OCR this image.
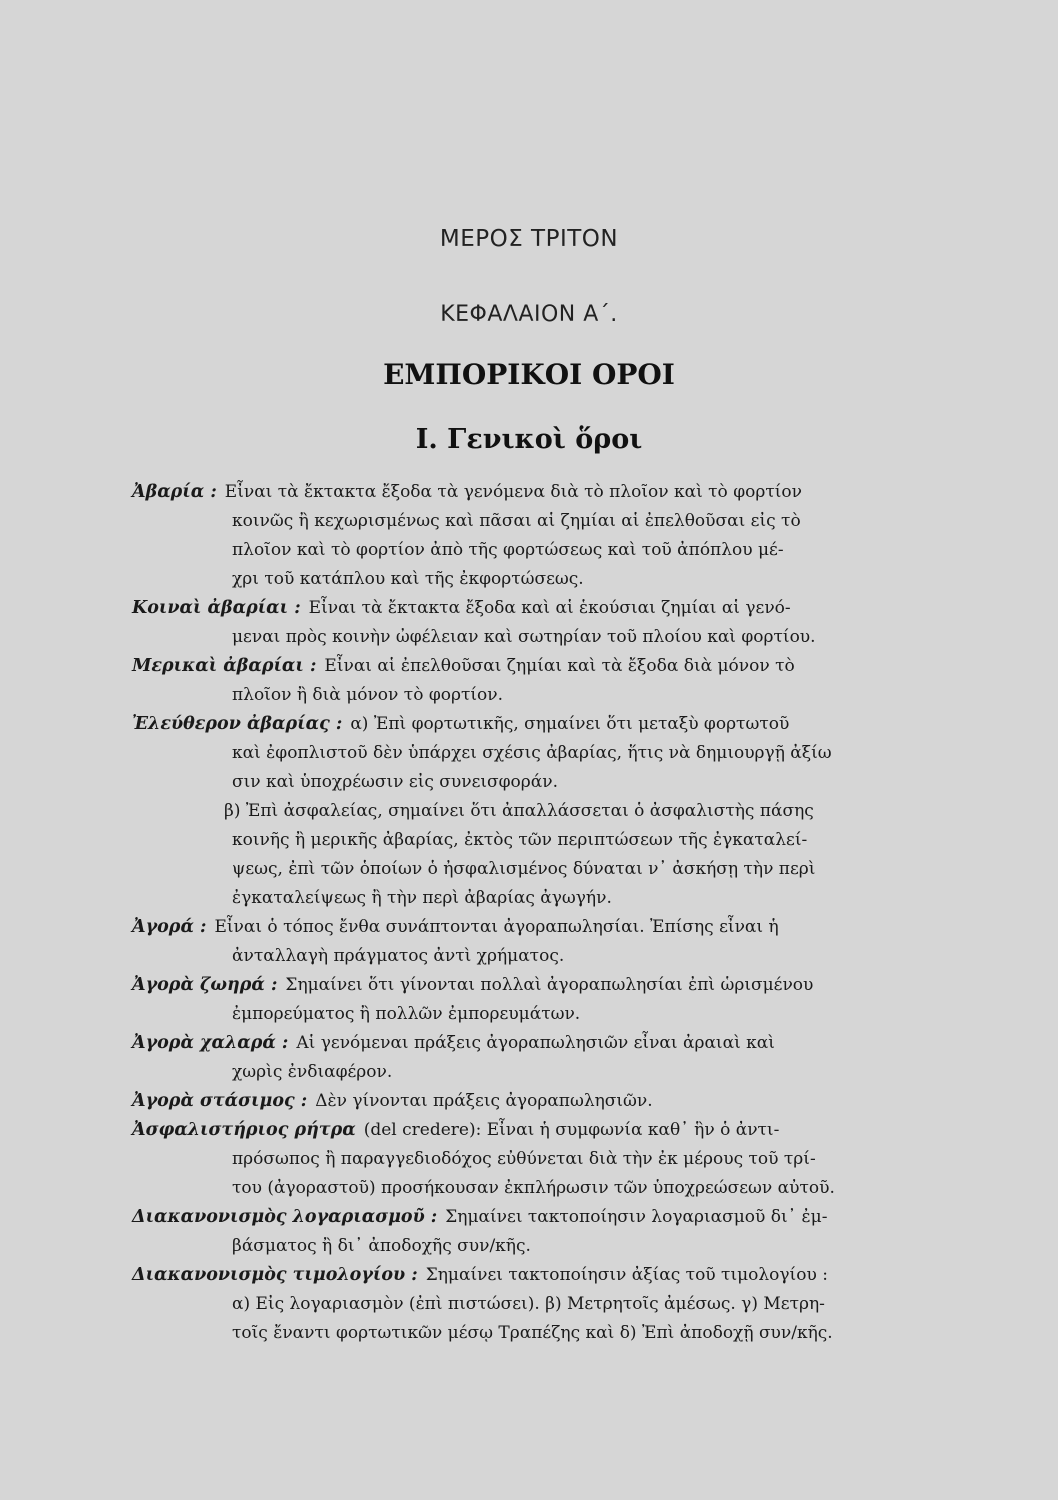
ΜΕΡΟΣ ΤΡΙΤΟΝ
ΚΕΦΑΛΑΙΟΝ Α΄.
ΕΜΠΟΡΙΚΟΙ ΟΡΟΙ
Ι. Γενικοὶ ὅροι
Ἀβαρία : Εἶναι τὰ ἔκτακτα ἔξοδα τὰ γενόμενα διὰ τὸ πλοῖον καὶ τὸ φορτίον
κοινῶς ἢ κεχωρισμένως καὶ πᾶσαι αἱ ζημίαι αἱ ἐπελθοῦσαι εἰς τὸ
πλοῖον καὶ τὸ φορτίον ἀπὸ τῆς φορτώσεως καὶ τοῦ ἀπόπλου μέ-
χρι τοῦ κατάπλου καὶ τῆς ἐκφορτώσεως.
Κοιναὶ ἀβαρίαι : Εἶναι τὰ ἔκτακτα ἔξοδα καὶ αἱ ἑκούσιαι ζημίαι αἱ γενό-
μεναι πρὸς κοινὴν ὠφέλειαν καὶ σωτηρίαν τοῦ πλοίου καὶ φορτίου.
Μερικαὶ ἀβαρίαι : Εἶναι αἱ ἐπελθοῦσαι ζημίαι καὶ τὰ ἔξοδα διὰ μόνον τὸ
πλοῖον ἢ διὰ μόνον τὸ φορτίον.
Ἐλεύθερον ἀβαρίας : α) Ἐπὶ φορτωτικῆς, σημαίνει ὅτι μεταξὺ φορτωτοῦ
καὶ ἐφοπλιστοῦ δὲν ὑπάρχει σχέσις ἀβαρίας, ἥτις νὰ δημιουργῇ ἀξίω
σιν καὶ ὑποχρέωσιν εἰς συνεισφοράν.
β) Ἐπὶ ἀσφαλείας, σημαίνει ὅτι ἀπαλλάσσεται ὁ ἀσφαλιστὴς πάσης
κοινῆς ἢ μερικῆς ἀβαρίας, ἐκτὸς τῶν περιπτώσεων τῆς ἐγκαταλεί-
ψεως, ἐπὶ τῶν ὁποίων ὁ ἠσφαλισμένος δύναται ν᾽ ἀσκήσῃ τὴν περὶ
ἐγκαταλείψεως ἢ τὴν περὶ ἀβαρίας ἀγωγήν.
Ἀγορά : Εἶναι ὁ τόπος ἔνθα συνάπτονται ἀγοραπωλησίαι. Ἐπίσης εἶναι ἡ
ἀνταλλαγὴ πράγματος ἀντὶ χρήματος.
Ἀγορὰ ζωηρά : Σημαίνει ὅτι γίνονται πολλαὶ ἀγοραπωλησίαι ἐπὶ ὡρισμένου
ἐμπορεύματος ἢ πολλῶν ἐμπορευμάτων.
Ἀγορὰ χαλαρά : Αἱ γενόμεναι πράξεις ἀγοραπωλησιῶν εἶναι ἀραιαὶ καὶ
χωρὶς ἐνδιαφέρον.
Ἀγορὰ στάσιμος : Δὲν γίνονται πράξεις ἀγοραπωλησιῶν.
Ἀσφαλιστήριος ρήτρα (del credere): Εἶναι ἡ συμφωνία καθ᾽ ἣν ὁ ἀντι-
πρόσωπος ἢ παραγγεδιοδόχος εὐθύνεται διὰ τὴν ἐκ μέρους τοῦ τρί-
του (ἀγοραστοῦ) προσήκουσαν ἐκπλήρωσιν τῶν ὑποχρεώσεων αὐτοῦ.
Διακανονισμὸς λογαριασμοῦ : Σημαίνει τακτοποίησιν λογαριασμοῦ δι᾽ ἐμ-
βάσματος ἢ δι᾽ ἀποδοχῆς συν/κῆς.
Διακανονισμὸς τιμολογίου : Σημαίνει τακτοποίησιν ἀξίας τοῦ τιμολογίου :
α) Εἰς λογαριασμὸν (ἐπὶ πιστώσει). β) Μετρητοῖς ἀμέσως. γ) Μετρη-
τοῖς ἔναντι φορτωτικῶν μέσῳ Τραπέζης καὶ δ) Ἐπὶ ἀποδοχῇ συν/κῆς.
